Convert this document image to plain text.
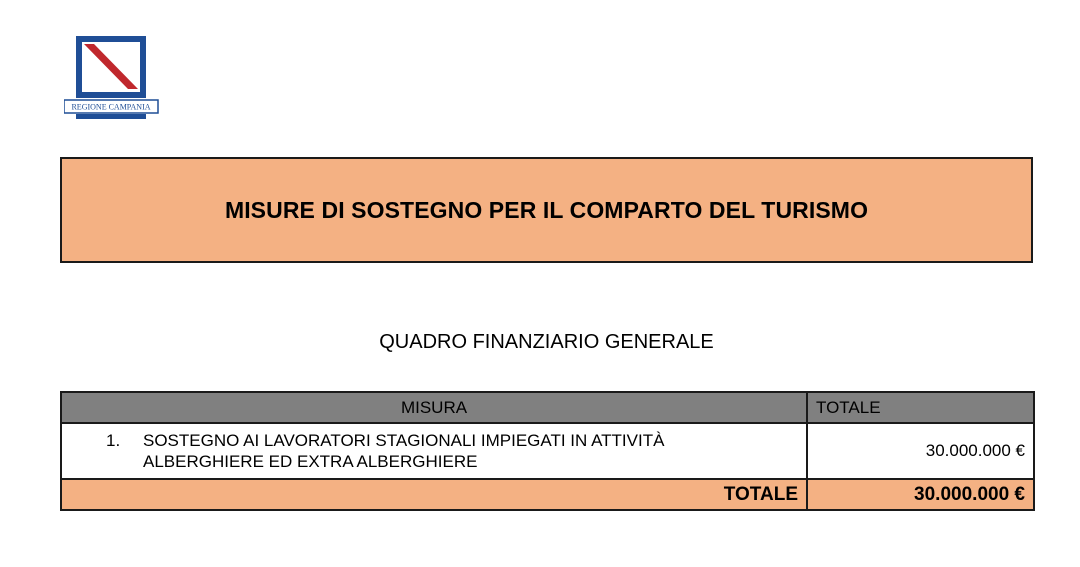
REGIONE CAMPANIA
MISURE DI SOSTEGNO PER IL COMPARTO DEL TURISMO
QUADRO FINANZIARIO GENERALE
MISURA	TOTALE

1. SOSTEGNO AI LAVORATORI STAGIONALI IMPIEGATI IN ATTIVITÀ
ALBERGHIERE ED EXTRA ALBERGHIERE	30.000.000 €
TOTALE	30.000.000 €
